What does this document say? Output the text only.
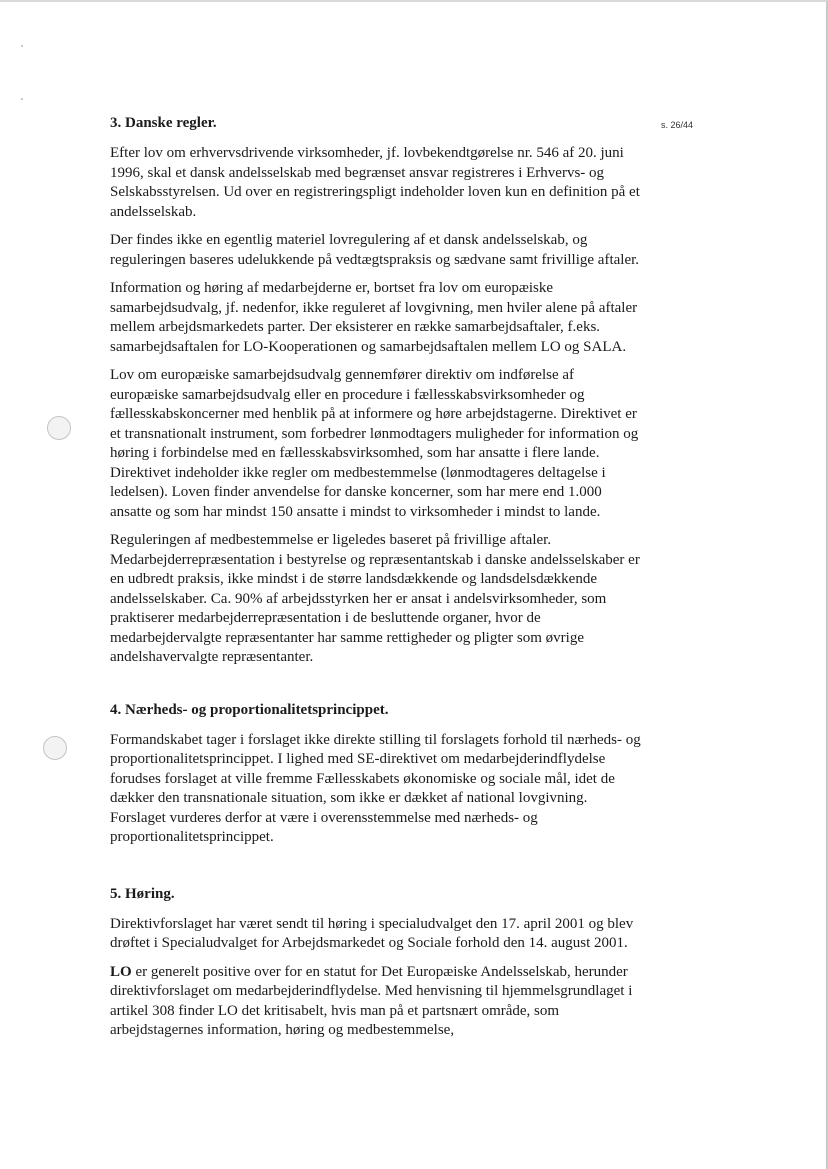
s. 26/44
3. Danske regler.

Efter lov om erhvervsdrivende virksomheder, jf. lovbekendtgørelse nr. 546 af 20. juni 1996, skal et dansk andelsselskab med begrænset ansvar registreres i Erhvervs- og Selskabsstyrelsen. Ud over en registreringspligt indeholder loven kun en definition på et andelsselskab.

Der findes ikke en egentlig materiel lovregulering af et dansk andelsselskab, og reguleringen baseres udelukkende på vedtægtspraksis og sædvane samt frivillige aftaler.

Information og høring af medarbejderne er, bortset fra lov om europæiske samarbejdsudvalg, jf. nedenfor, ikke reguleret af lovgivning, men hviler alene på aftaler mellem arbejdsmarkedets parter. Der eksisterer en række samarbejdsaftaler, f.eks. samarbejdsaftalen for LO-Kooperationen og samarbejdsaftalen mellem LO og SALA.

Lov om europæiske samarbejdsudvalg gennemfører direktiv om indførelse af europæiske samarbejdsudvalg eller en procedure i fællesskabsvirksomheder og fællesskabskoncerner med henblik på at informere og høre arbejdstagerne. Direktivet er et transnationalt instrument, som forbedrer lønmodtagers muligheder for information og høring i forbindelse med en fællesskabsvirksomhed, som har ansatte i flere lande. Direktivet indeholder ikke regler om medbestemmelse (lønmodtageres deltagelse i ledelsen). Loven finder anvendelse for danske koncerner, som har mere end 1.000 ansatte og som har mindst 150 ansatte i mindst to virksomheder i mindst to lande.

Reguleringen af medbestemmelse er ligeledes baseret på frivillige aftaler. Medarbejderrepræsentation i bestyrelse og repræsentantskab i danske andelsselskaber er en udbredt praksis, ikke mindst i de større landsdækkende og landsdelsdækkende andelsselskaber. Ca. 90% af arbejdsstyrken her er ansat i andelsvirksomheder, som praktiserer medarbejderrepræsentation i de besluttende organer, hvor de medarbejdervalgte repræsentanter har samme rettigheder og pligter som øvrige andelshavervalgte repræsentanter.

4. Nærheds- og proportionalitetsprincippet.

Formandskabet tager i forslaget ikke direkte stilling til forslagets forhold til nærheds- og proportionalitetsprincippet. I lighed med SE-direktivet om medarbejderindflydelse forudses forslaget at ville fremme Fællesskabets økonomiske og sociale mål, idet de dækker den transnationale situation, som ikke er dækket af national lovgivning. Forslaget vurderes derfor at være i overensstemmelse med nærheds- og proportionalitetsprincippet.

5. Høring.

Direktivforslaget har været sendt til høring i specialudvalget den 17. april 2001 og blev drøftet i Specialudvalget for Arbejdsmarkedet og Sociale forhold den 14. august 2001.

LO er generelt positive over for en statut for Det Europæiske Andelsselskab, herunder direktivforslaget om medarbejderindflydelse. Med henvisning til hjemmelsgrundlaget i artikel 308 finder LO det kritisabelt, hvis man på et partsnært område, som arbejdstagernes information, høring og medbestemmelse,
